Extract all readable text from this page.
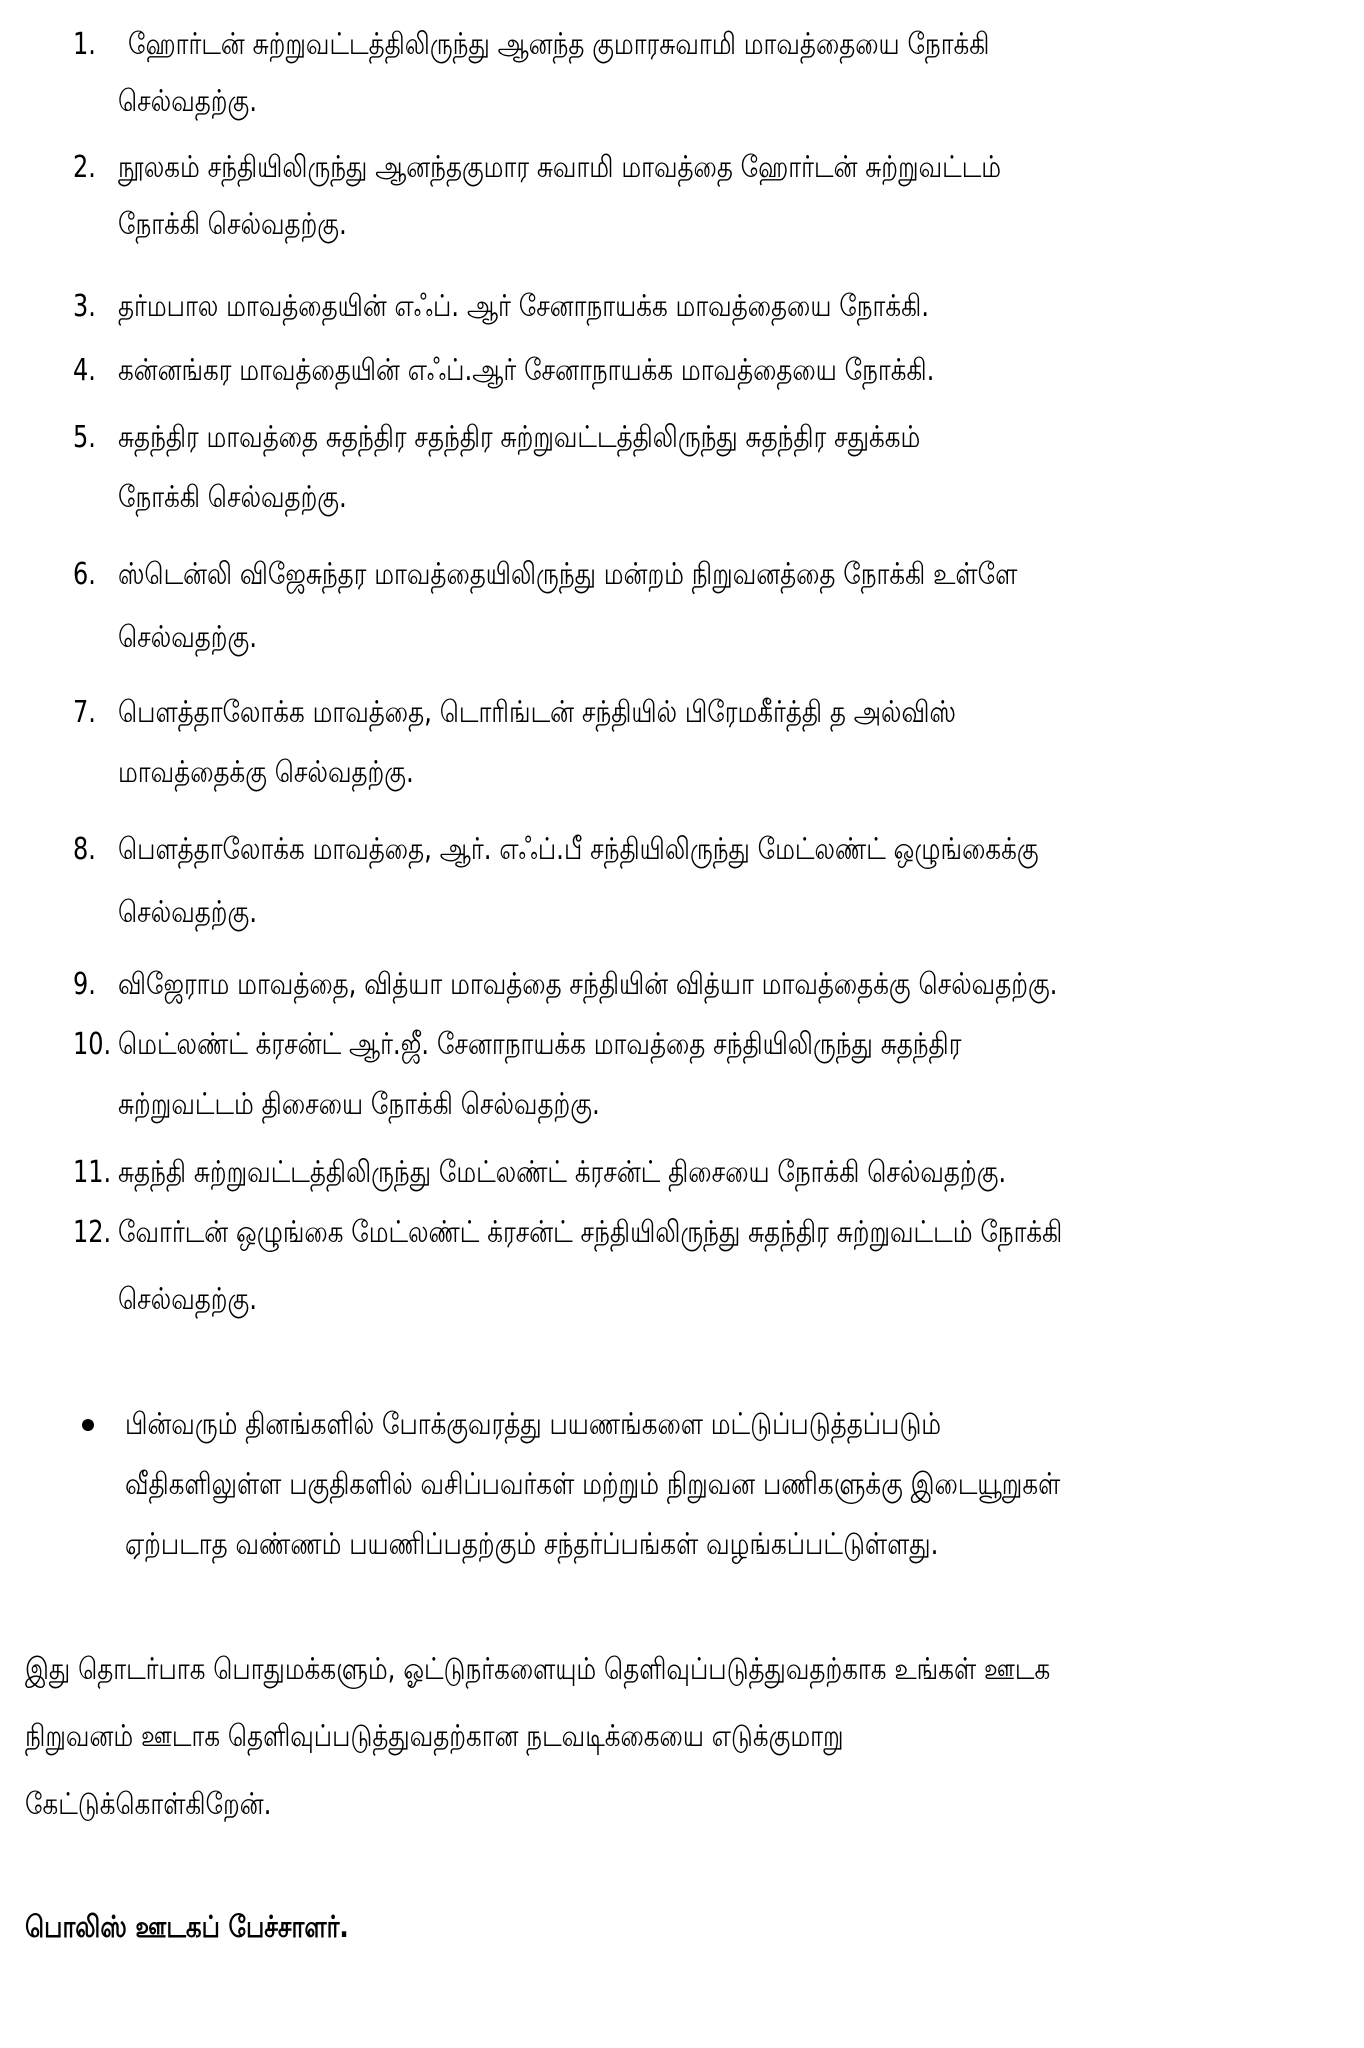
1. ஹோர்டன் சுற்றுவட்டத்திலிருந்து ஆனந்த குமாரசுவாமி மாவத்தையை நோக்கி
செல்வதற்கு.
2. நூலகம் சந்தியிலிருந்து ஆனந்தகுமார சுவாமி மாவத்தை ஹோர்டன் சுற்றுவட்டம்
நோக்கி செல்வதற்கு.
3. தர்மபால மாவத்தையின் எஃப். ஆர் சேனாநாயக்க மாவத்தையை நோக்கி.
4. கன்னங்கர மாவத்தையின் எஃப்.ஆர் சேனாநாயக்க மாவத்தையை நோக்கி.
5. சுதந்திர மாவத்தை சுதந்திர சதந்திர சுற்றுவட்டத்திலிருந்து சுதந்திர சதுக்கம்
நோக்கி செல்வதற்கு.
6. ஸ்டென்லி விஜேசுந்தர மாவத்தையிலிருந்து மன்றம் நிறுவனத்தை நோக்கி உள்ளே
செல்வதற்கு.
7. பௌத்தாலோக்க மாவத்தை, டொரிங்டன் சந்தியில் பிரேமகீர்த்தி த அல்விஸ்
மாவத்தைக்கு செல்வதற்கு.
8. பௌத்தாலோக்க மாவத்தை, ஆர். எஃப்.பீ சந்தியிலிருந்து மேட்லண்ட் ஒழுங்கைக்கு
செல்வதற்கு.
9. விஜேராம மாவத்தை, வித்யா மாவத்தை சந்தியின் வித்யா மாவத்தைக்கு செல்வதற்கு.
10. மெட்லண்ட் க்ரசன்ட் ஆர்.ஜீ. சேனாநாயக்க மாவத்தை சந்தியிலிருந்து சுதந்திர
சுற்றுவட்டம் திசையை நோக்கி செல்வதற்கு.
11. சுதந்தி சுற்றுவட்டத்திலிருந்து மேட்லண்ட் க்ரசன்ட் திசையை நோக்கி செல்வதற்கு.
12. வோர்டன் ஒழுங்கை மேட்லண்ட் க்ரசன்ட் சந்தியிலிருந்து சுதந்திர சுற்றுவட்டம் நோக்கி
செல்வதற்கு.
பின்வரும் தினங்களில் போக்குவரத்து பயணங்களை மட்டுப்படுத்தப்படும்
வீதிகளிலுள்ள பகுதிகளில் வசிப்பவர்கள் மற்றும் நிறுவன பணிகளுக்கு இடையூறுகள்
ஏற்படாத வண்ணம் பயணிப்பதற்கும் சந்தர்ப்பங்கள் வழங்கப்பட்டுள்ளது.
இது தொடர்பாக பொதுமக்களும், ஓட்டுநர்களையும் தெளிவுப்படுத்துவதற்காக உங்கள் ஊடக
நிறுவனம் ஊடாக தெளிவுப்படுத்துவதற்கான நடவடிக்கையை எடுக்குமாறு
கேட்டுக்கொள்கிறேன்.
பொலிஸ் ஊடகப் பேச்சாளர்.
